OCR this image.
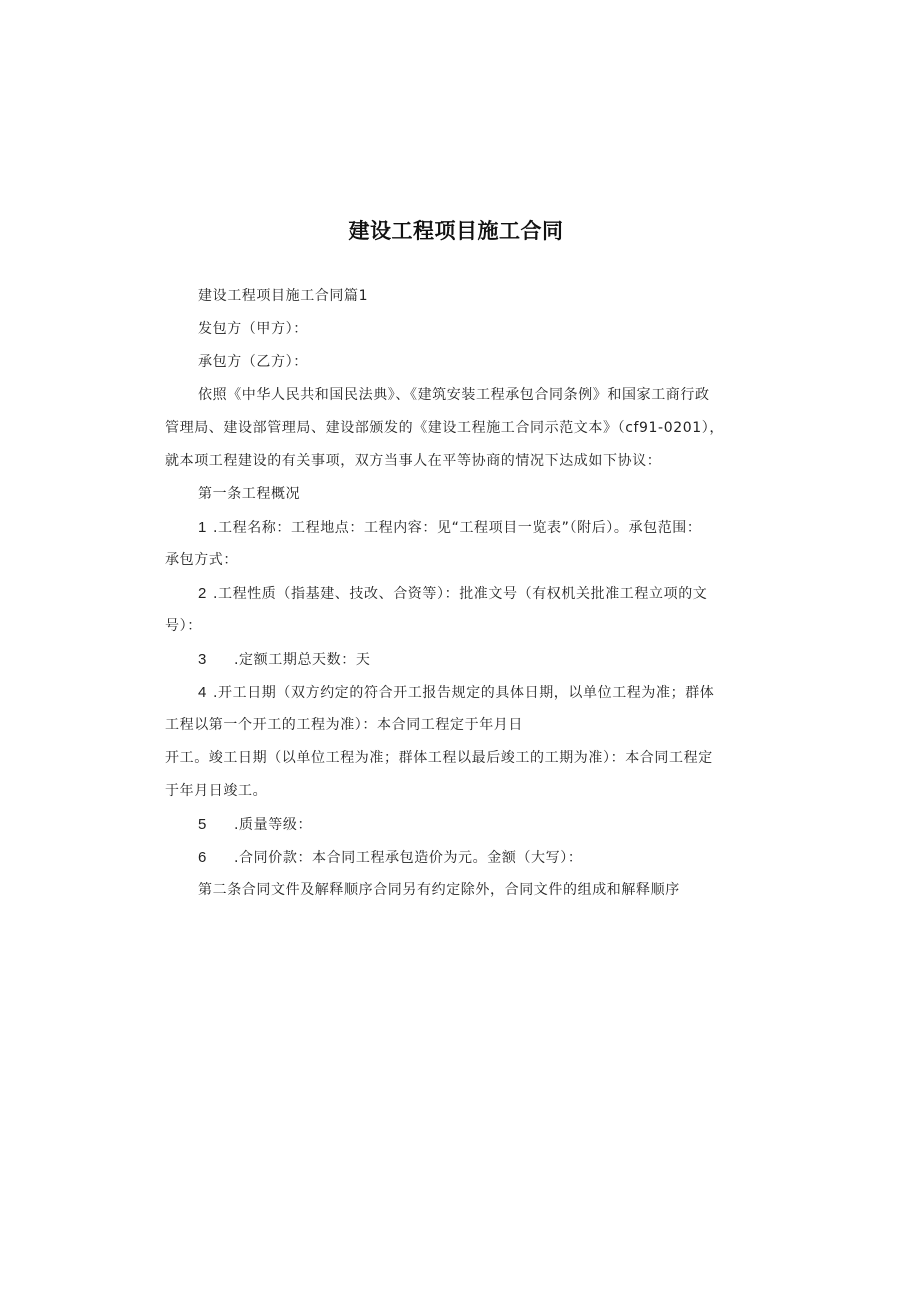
建设工程项目施工合同
建设工程项目施工合同篇1
发包方（甲方）：
承包方（乙方）：
依照《中华人民共和国民法典》、《建筑安装工程承包合同条例》和国家工商行政
管理局、建设部管理局、建设部颁发的《建设工程施工合同示范文本》（cf91-0201），
就本项工程建设的有关事项，双方当事人在平等协商的情况下达成如下协议：
第一条工程概况
1 .工程名称：工程地点：工程内容：见“工程项目一览表”（附后）。承包范围：
承包方式：
2 .工程性质（指基建、技改、合资等）：批准文号（有权机关批准工程立项的文
号）：
3 .定额工期总天数：天
4 .开工日期（双方约定的符合开工报告规定的具体日期，以单位工程为准；群体
工程以第一个开工的工程为准）：本合同工程定于年月日
开工。竣工日期（以单位工程为准；群体工程以最后竣工的工期为准）：本合同工程定
于年月日竣工。
5 .质量等级：
6 .合同价款：本合同工程承包造价为元。金额（大写）：
第二条合同文件及解释顺序合同另有约定除外，合同文件的组成和解释顺序
